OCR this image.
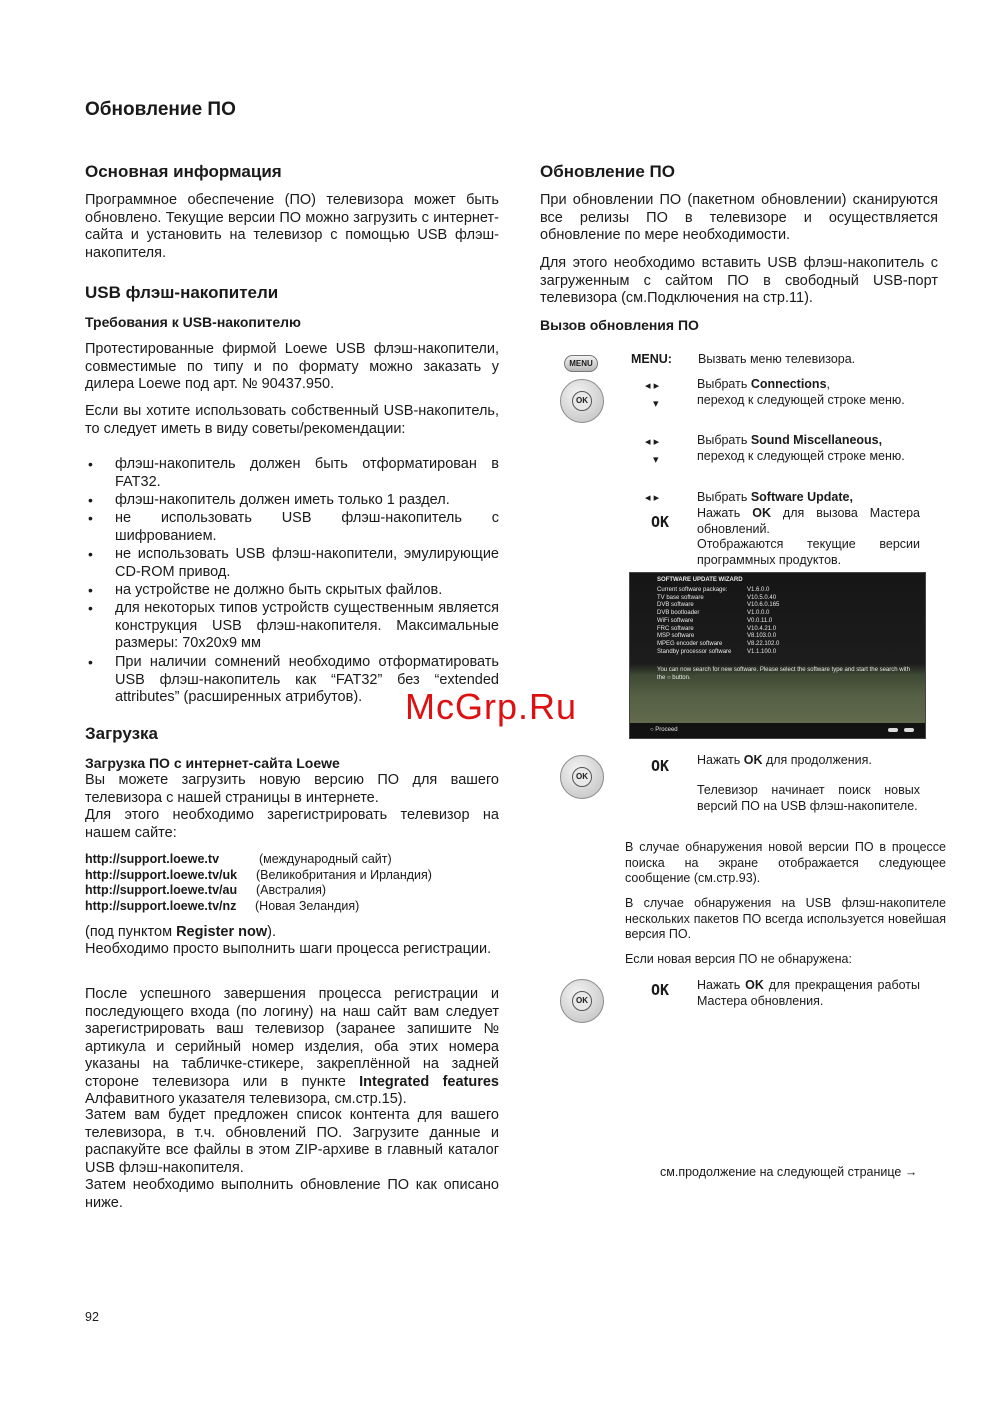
Обновление ПО
Основная информация
Программное обеспечение (ПО) телевизора может быть обновлено. Текущие версии ПО можно загрузить с интернет-сайта и установить на телевизор с помощью USB флэш-накопителя.
USB флэш-накопители
Требования к USB-накопителю
Протестированные фирмой Loewe USB флэш-накопители, совместимые по типу и по формату можно заказать у дилера Loewe под арт. № 90437.950.
Если вы хотите использовать собственный USB-накопитель, то следует иметь в виду советы/рекомендации:
• флэш-накопитель должен быть отформатирован в FAT32.
• флэш-накопитель должен иметь только 1 раздел.
• не использовать USB флэш-накопитель с шифрованием.
• не использовать USB флэш-накопители, эмулирующие CD-ROM привод.
• на устройстве не должно быть скрытых файлов.
• для некоторых типов устройств существенным является конструкция USB флэш-накопителя. Максимальные размеры: 70x20x9 мм
• При наличии сомнений необходимо отформатировать USB флэш-накопитель как “FAT32” без “extended attributes” (расширенных атрибутов).
Загрузка
Загрузка ПО с интернет-сайта Loewe
Вы можете загрузить новую версию ПО для вашего телевизора с нашей страницы в интернете.
Для этого необходимо зарегистрировать телевизор на нашем сайте:
http://support.loewe.tv	(международный сайт)
http://support.loewe.tv/uk (Великобритания и Ирландия)
http://support.loewe.tv/au (Австралия)
http://support.loewe.tv/nz (Новая Зеландия)
(под пунктом Register now).
Необходимо просто выполнить шаги процесса регистрации.
После успешного завершения процесса регистрации и последующего входа (по логину) на наш сайт вам следует зарегистрировать ваш телевизор (заранее запишите № артикула и серийный номер изделия, оба этих номера указаны на табличке-стикере, закреплённой на задней стороне телевизора или в пункте Integrated features Алфавитного указателя телевизора, см.стр.15).
Затем вам будет предложен список контента для вашего телевизора, в т.ч. обновлений ПО. Загрузите данные и распакуйте все файлы в этом ZIP-архиве в главный каталог USB флэш-накопителя.
Затем необходимо выполнить обновление ПО как описано ниже.
Обновление ПО
При обновлении ПО (пакетном обновлении) сканируются все релизы ПО в телевизоре и осуществляется обновление по мере необходимости.
Для этого необходимо вставить USB флэш-накопитель с загруженным с сайтом ПО в свободный USB-порт телевизора (см.Подключения на стр.11).
Вызов обновления ПО
MENU
OK
MENU: Вызвать меню телевизора.
◂ ▸
▾
Выбрать Connections,
переход к следующей строке меню.
◂ ▸
▾
Выбрать Sound Miscellaneous,
переход к следующей строке меню.
◂ ▸
OK
Выбрать Software Update,
Нажать OK для вызова Мастера обновлений.
Отображаются текущие версии программных продуктов.
SOFTWARE UPDATE WIZARD
Current software package:	V1.6.0.0
TV base software	V10.5.0.40
DVB software	V10.6.0.165
DVB bootloader	V1.0.0.0
WiFi software	V0.0.11.0
FRC software	V10.4.21.0
MSP software	V8.103.0.0
MPEG encoder software	V8.22.102.0
Standby processor software	V1.1.100.0
You can now search for new software. Please select the software type and start the search with the ○ button.
○ Proceed
OK
OK Нажать OK для продолжения.
Телевизор начинает поиск новых версий ПО на USB флэш-накопителе.
В случае обнаружения новой версии ПО в процессе поиска на экране отображается следующее сообщение (см.стр.93).
В случае обнаружения на USB флэш-накопителе нескольких пакетов ПО всегда используется новейшая версия ПО.
Если новая версия ПО не обнаружена:
OK
OK Нажать OK для прекращения работы Мастера обновления.
см.продолжение на следующей странице →
92
McGrp.Ru
